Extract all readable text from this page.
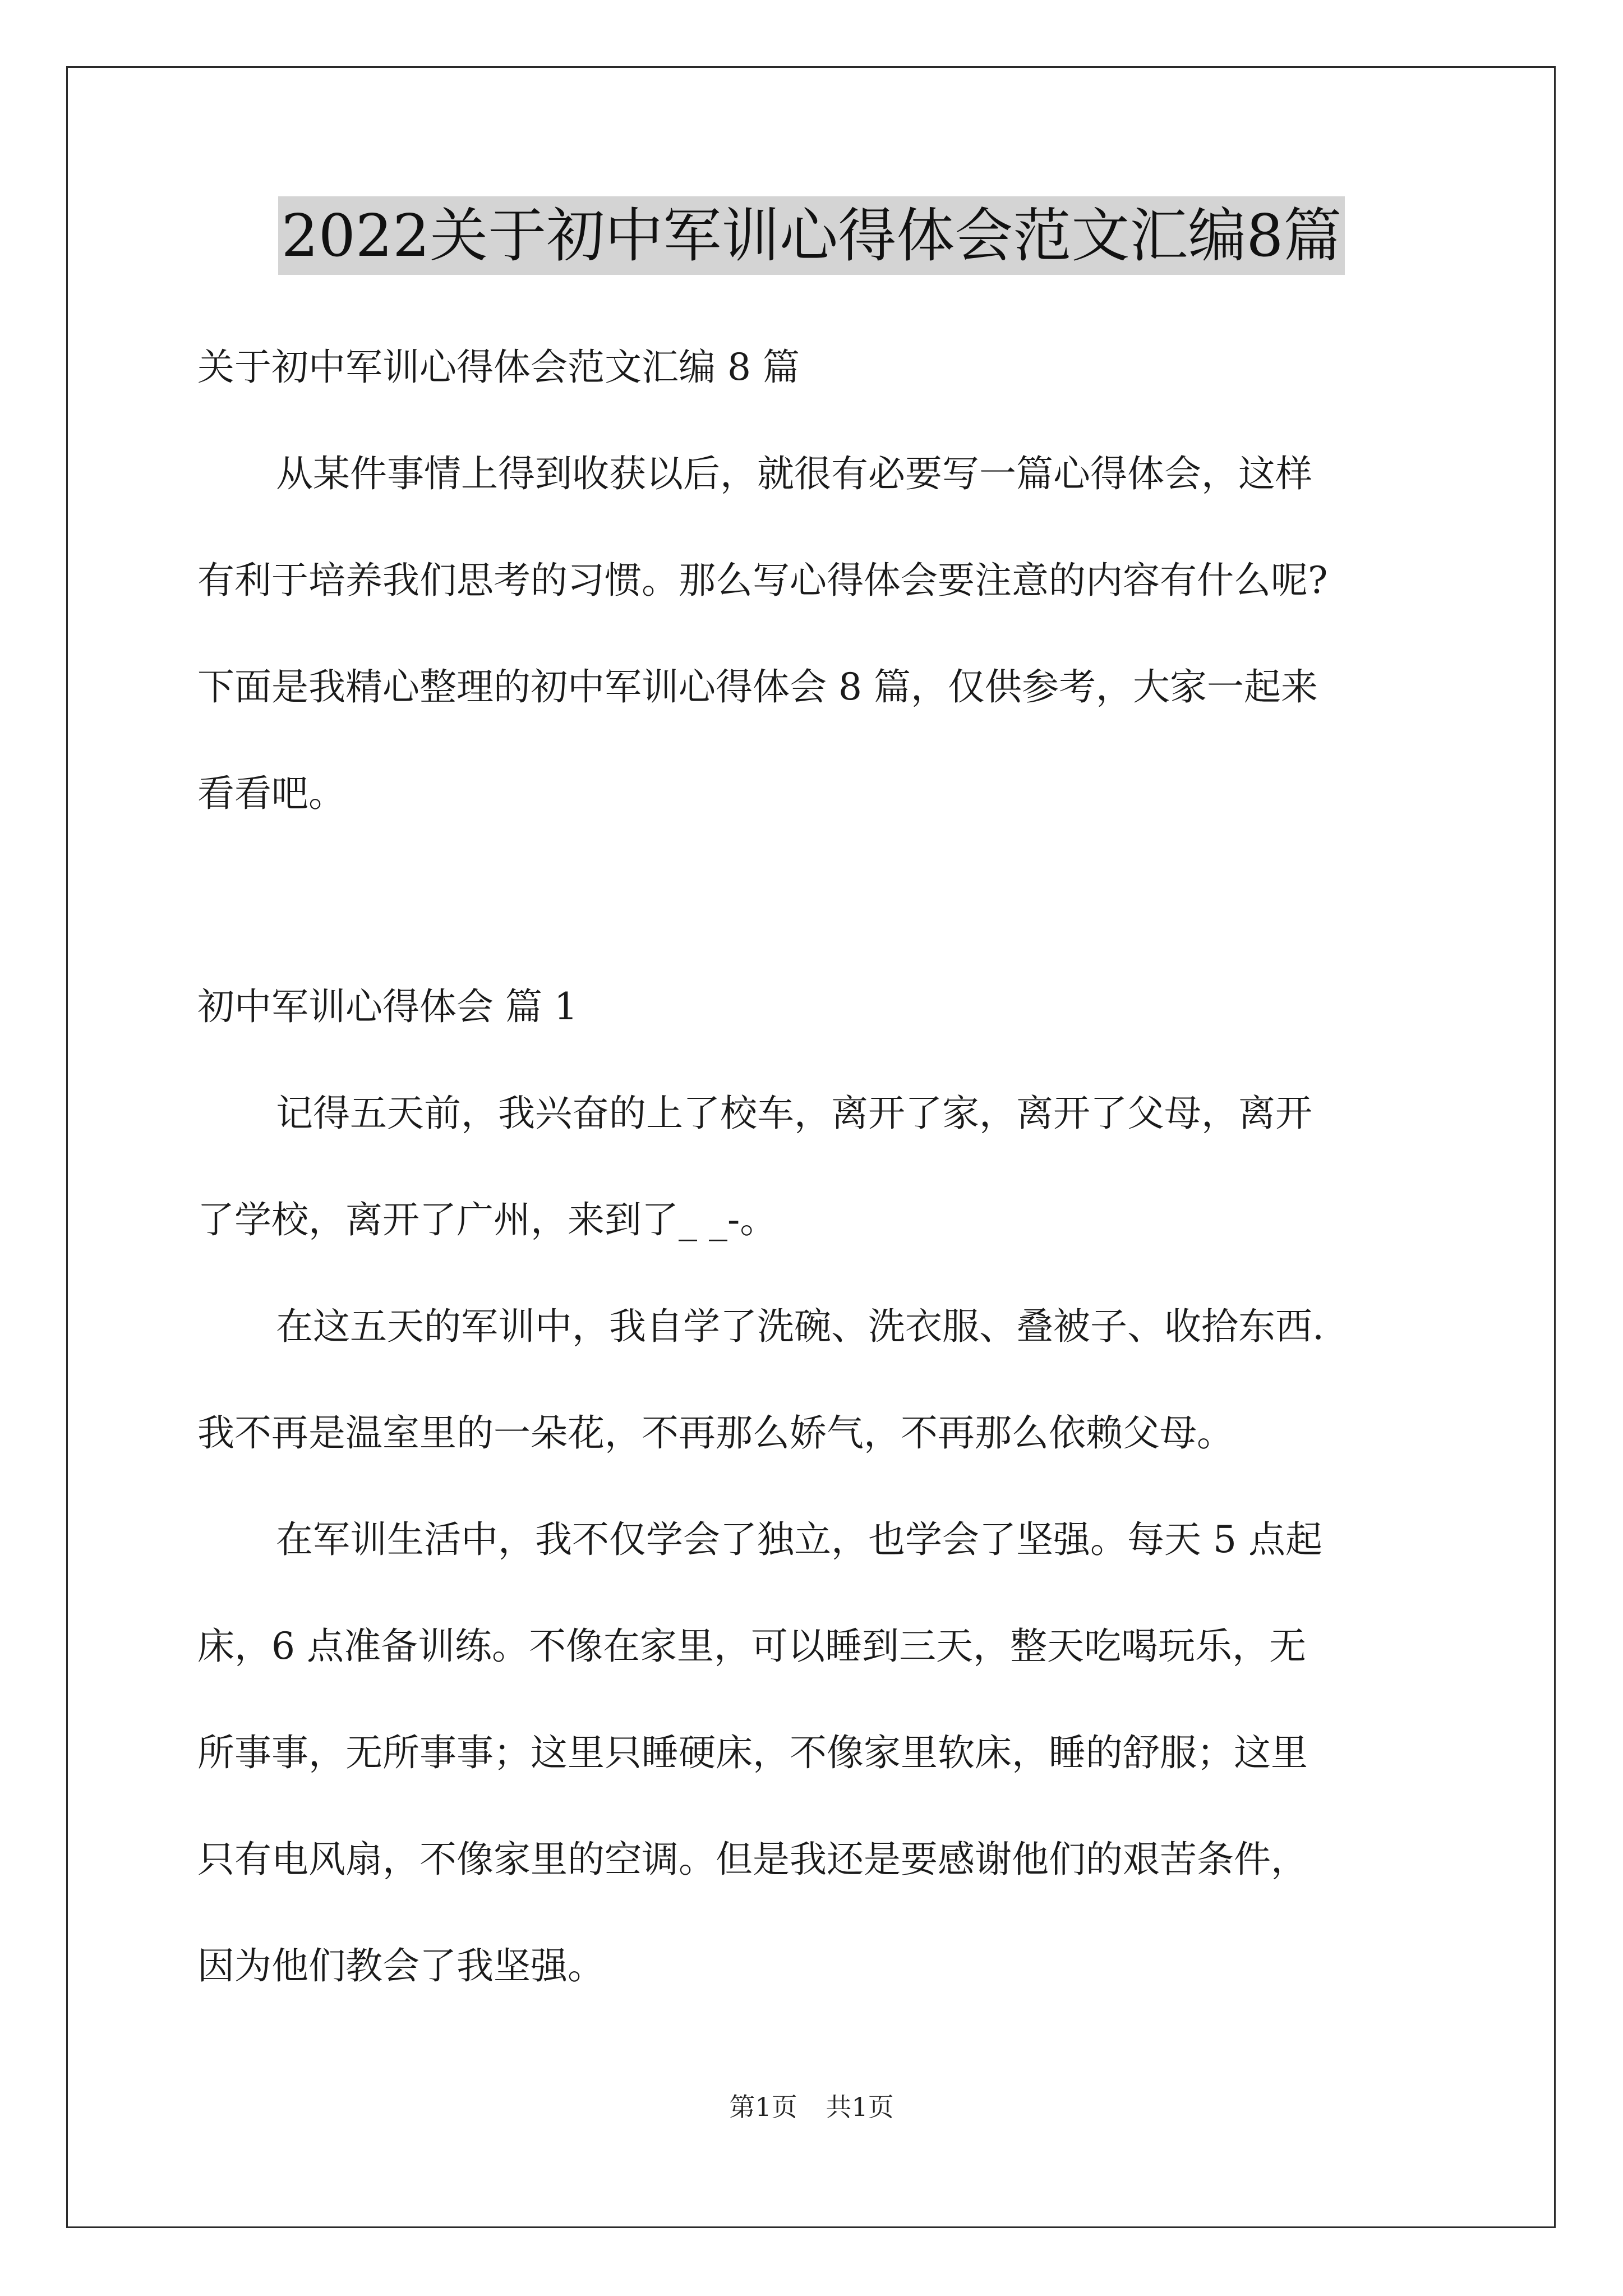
2022关于初中军训心得体会范文汇编8篇
关于初中军训心得体会范文汇编 8 篇
从某件事情上得到收获以后，就很有必要写一篇心得体会，这样
有利于培养我们思考的习惯。那么写心得体会要注意的内容有什么呢?
下面是我精心整理的初中军训心得体会 8 篇，仅供参考，大家一起来
看看吧。
初中军训心得体会 篇 1
记得五天前，我兴奋的上了校车，离开了家，离开了父母，离开
了学校，离开了广州，来到了_ _-。
在这五天的军训中，我自学了洗碗、洗衣服、叠被子、收拾东西.
我不再是温室里的一朵花，不再那么娇气，不再那么依赖父母。
在军训生活中，我不仅学会了独立，也学会了坚强。每天 5 点起
床，6 点准备训练。不像在家里，可以睡到三天，整天吃喝玩乐，无
所事事，无所事事；这里只睡硬床，不像家里软床，睡的舒服；这里
只有电风扇，不像家里的空调。但是我还是要感谢他们的艰苦条件，
因为他们教会了我坚强。
第1页 共1页
